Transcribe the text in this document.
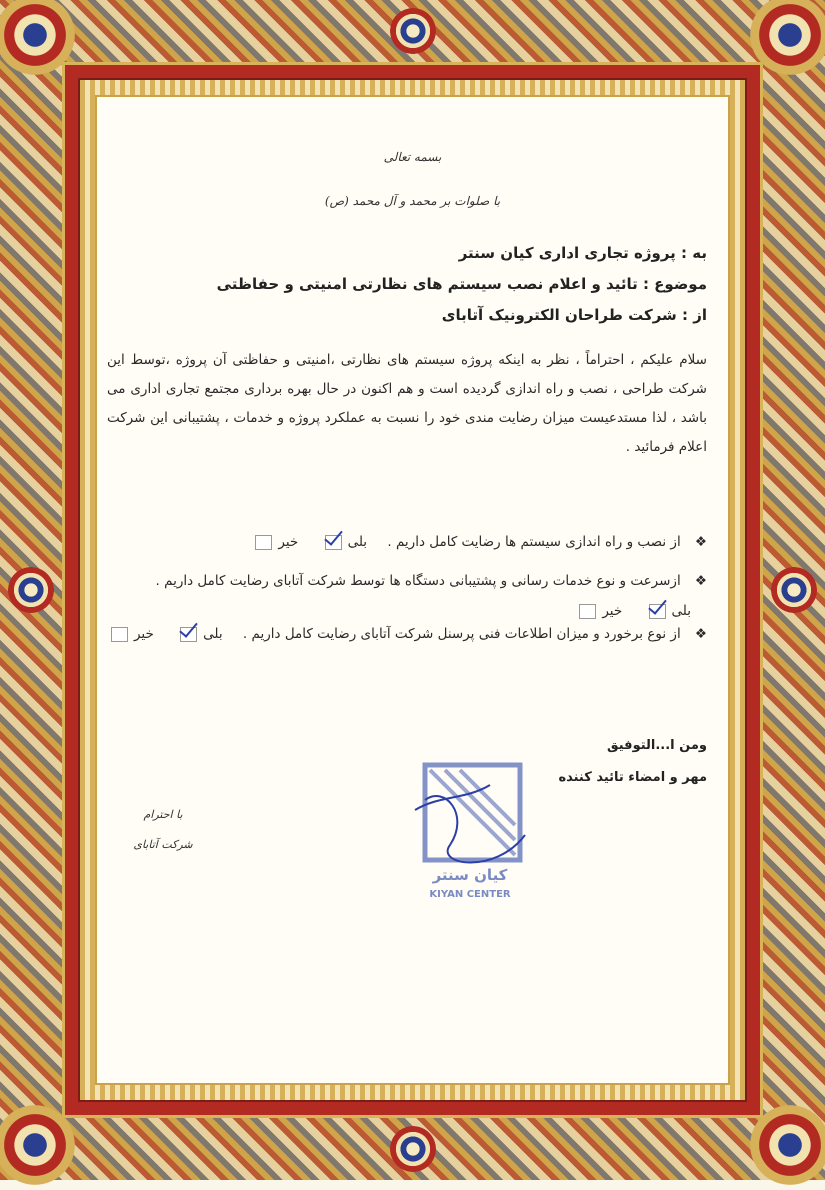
بسمه تعالی
با صلوات بر محمد و آل محمد (ص)
به : پروژه تجاری اداری کیان سنتر
موضوع : تائید و اعلام نصب سیستم های نظارتی امنیتی و حفاظتی
از : شرکت طراحان الکترونیک آتابای
سلام علیکم ، احتراماً ، نظر به اینکه پروژه سیستم های نظارتی ،امنیتی و حفاظتی آن پروژه ،توسط این شرکت طراحی ، نصب و راه اندازی گردیده است و هم اکنون در حال بهره برداری مجتمع تجاری اداری می باشد ، لذا مستدعیست میزان رضایت مندی خود را نسبت به عملکرد پروژه و خدمات ، پشتیبانی این شرکت اعلام فرمائید .
❖ از نصب و راه اندازی سیستم ها رضایت کامل داریم . بلی خیر
❖ ازسرعت و نوع خدمات رسانی و پشتیبانی دستگاه ها توسط شرکت آتابای رضایت کامل داریم . بلی خیر
❖ از نوع برخورد و میزان اطلاعات فنی پرسنل شرکت آتابای رضایت کامل داریم . بلی خیر
ومن ا...التوفیق
مهر و امضاء تائید کننده
با احترام
شرکت آتابای
کیان سنتر
KIYAN CENTER
